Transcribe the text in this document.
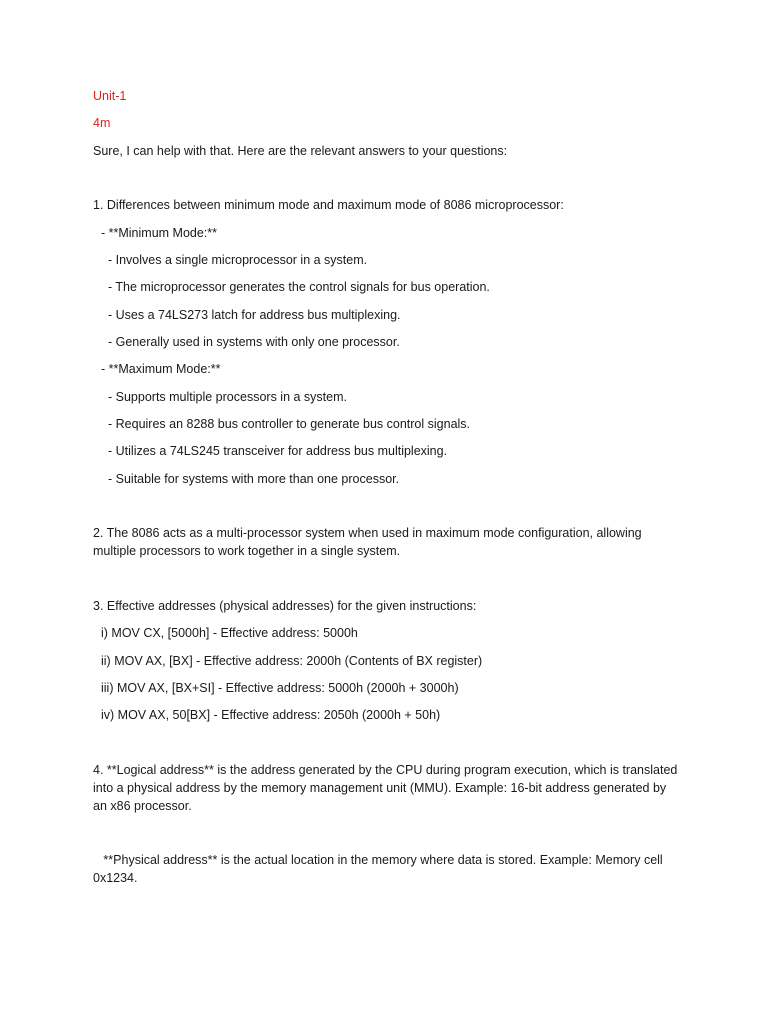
Unit-1
4m
Sure, I can help with that. Here are the relevant answers to your questions:
1. Differences between minimum mode and maximum mode of 8086 microprocessor:
- **Minimum Mode:**
- Involves a single microprocessor in a system.
- The microprocessor generates the control signals for bus operation.
- Uses a 74LS273 latch for address bus multiplexing.
- Generally used in systems with only one processor.
- **Maximum Mode:**
- Supports multiple processors in a system.
- Requires an 8288 bus controller to generate bus control signals.
- Utilizes a 74LS245 transceiver for address bus multiplexing.
- Suitable for systems with more than one processor.
2. The 8086 acts as a multi-processor system when used in maximum mode configuration, allowing multiple processors to work together in a single system.
3. Effective addresses (physical addresses) for the given instructions:
i) MOV CX, [5000h] - Effective address: 5000h
ii) MOV AX, [BX] - Effective address: 2000h (Contents of BX register)
iii) MOV AX, [BX+SI] - Effective address: 5000h (2000h + 3000h)
iv) MOV AX, 50[BX] - Effective address: 2050h (2000h + 50h)
4. **Logical address** is the address generated by the CPU during program execution, which is translated into a physical address by the memory management unit (MMU). Example: 16-bit address generated by an x86 processor.
**Physical address** is the actual location in the memory where data is stored. Example: Memory cell 0x1234.
